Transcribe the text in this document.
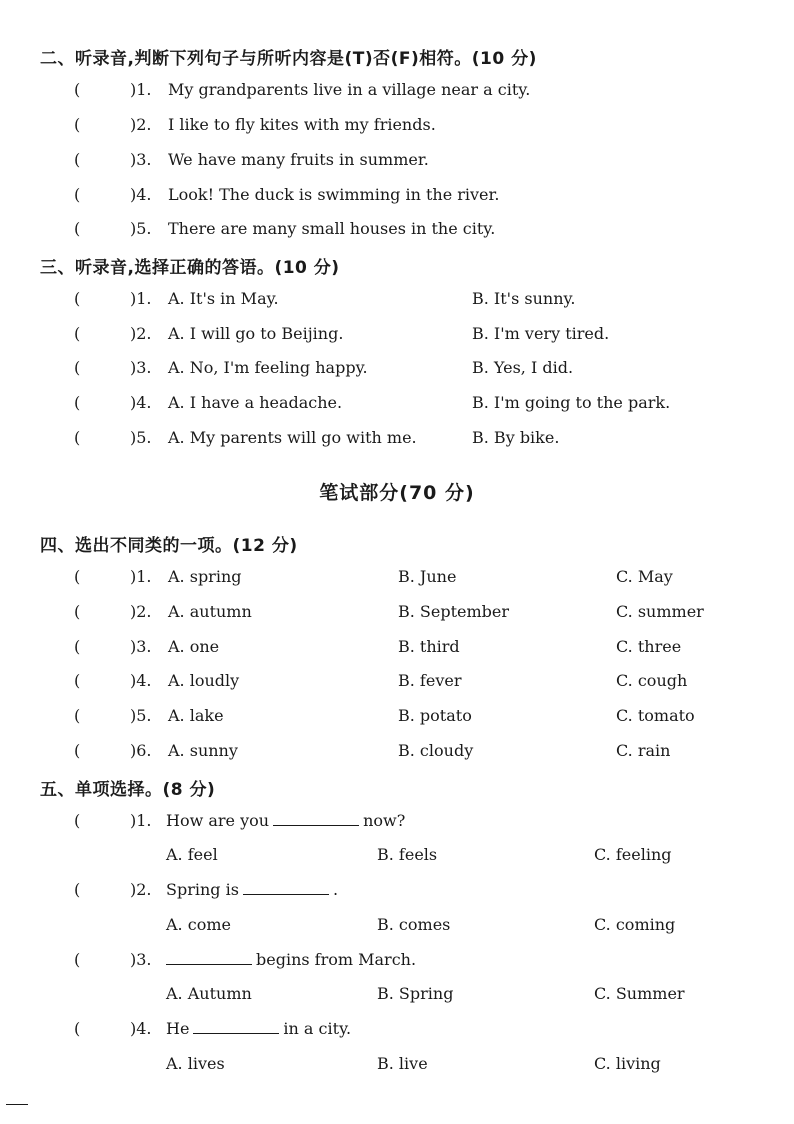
二、听录音,判断下列句子与所听内容是(T)否(F)相符。(10 分)
(	)1. My grandparents live in a village near a city.
(	)2. I like to fly kites with my friends.
(	)3. We have many fruits in summer.
(	)4. Look! The duck is swimming in the river.
(	)5. There are many small houses in the city.
三、听录音,选择正确的答语。(10 分)
(	)1. A. It's in May.	B. It's sunny.
(	)2. A. I will go to Beijing.	B. I'm very tired.
(	)3. A. No, I'm feeling happy.	B. Yes, I did.
(	)4. A. I have a headache.	B. I'm going to the park.
(	)5. A. My parents will go with me.	B. By bike.
笔试部分(70 分)
四、选出不同类的一项。(12 分)
(	)1. A. spring	B. June	C. May
(	)2. A. autumn	B. September	C. summer
(	)3. A. one	B. third	C. three
(	)4. A. loudly	B. fever	C. cough
(	)5. A. lake	B. potato	C. tomato
(	)6. A. sunny	B. cloudy	C. rain
五、单项选择。(8 分)
(	)1. How are you	now?
A. feel	B. feels	C. feeling
(	)2. Spring is	.
A. come	B. comes	C. coming
(	)3.	begins from March.
A. Autumn	B. Spring	C. Summer
(	)4. He	in a city.
A. lives	B. live	C. living
